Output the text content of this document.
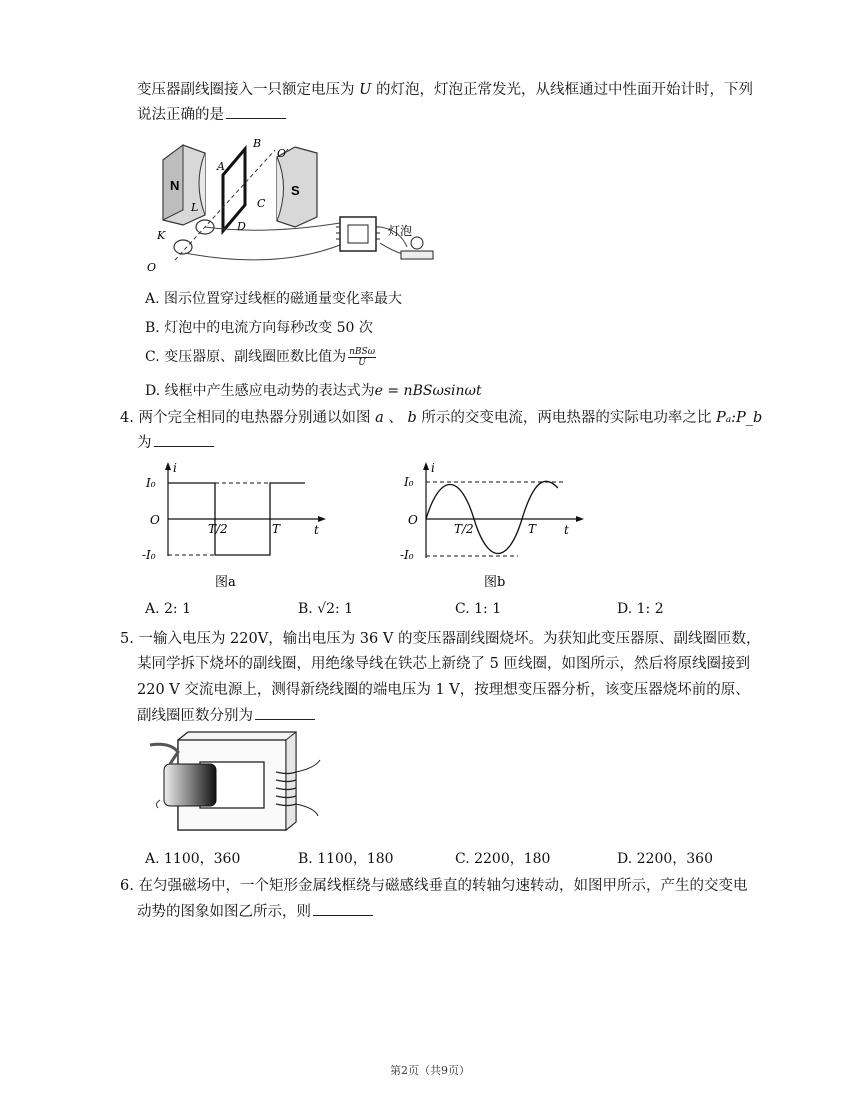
变压器副线圈接入一只额定电压为 U 的灯泡，灯泡正常发光，从线框通过中性面开始计时，下列
说法正确的是
N	S
灯泡
A
B
C
D
L
K
O
O′
A. 图示位置穿过线框的磁通量变化率最大
B. 灯泡中的电流方向每秒改变 50 次
C. 变压器原、副线圈匝数比值为 $\frac{\text{nBSω}}{U}$
D. 线框中产生感应电动势的表达式为e = nBSωsinωt
4. 两个完全相同的电热器分别通以如图 a 、 b 所示的交变电流，两电热器的实际电功率之比 Pₐ:P_b
为
I₀
i
O
-I₀
T/2	T	t
图a
I₀
i
O
-I₀
T/2	T t
图b
A. 2: 1	B. √2: 1	C. 1: 1	D. 1: 2
5. 一输入电压为 220V，输出电压为 36 V 的变压器副线圈烧坏。为获知此变压器原、副线圈匝数，
某同学拆下烧坏的副线圈，用绝缘导线在铁芯上新绕了 5 匝线圈，如图所示，然后将原线圈接到
220 V 交流电源上，测得新绕线圈的端电压为 1 V，按理想变压器分析，该变压器烧坏前的原、
副线圈匝数分别为
A. 1100，360	B. 1100，180	C. 2200，180	D. 2200，360
6. 在匀强磁场中，一个矩形金属线框绕与磁感线垂直的转轴匀速转动，如图甲所示，产生的交变电
动势的图象如图乙所示，则
第2页（共9页）
